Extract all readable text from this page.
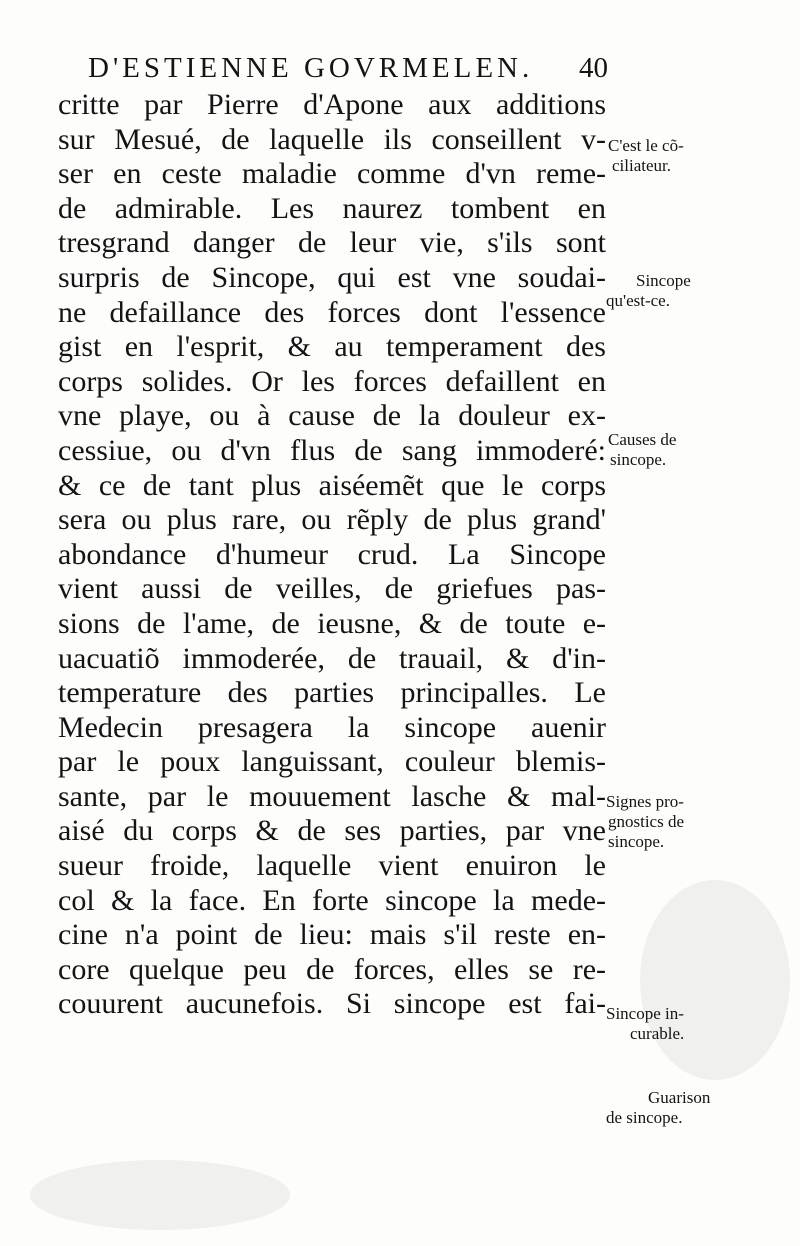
D'ESTIENNE GOVRMELEN. 40
critte par Pierre d'Apone aux additions
sur Mesué, de laquelle ils conseillent v-
ser en ceste maladie comme d'vn reme-
de admirable. Les naurez tombent en
tresgrand danger de leur vie, s'ils sont
surpris de Sincope, qui est vne soudai-
ne defaillance des forces dont l'essence
gist en l'esprit, & au temperament des
corps solides. Or les forces defaillent en
vne playe, ou à cause de la douleur ex-
cessiue, ou d'vn flus de sang immoderé:
& ce de tant plus aiséemẽt que le corps
sera ou plus rare, ou rẽply de plus grand'
abondance d'humeur crud. La Sincope
vient aussi de veilles, de griefues pas-
sions de l'ame, de ieusne, & de toute e-
uacuatiõ immoderée, de trauail, & d'in-
temperature des parties principalles. Le
Medecin presagera la sincope auenir
par le poux languissant, couleur blemis-
sante, par le mouuement lasche & mal-
aisé du corps & de ses parties, par vne
sueur froide, laquelle vient enuiron le
col & la face. En forte sincope la mede-
cine n'a point de lieu: mais s'il reste en-
core quelque peu de forces, elles se re-
couurent aucunefois. Si sincope est fai-
C'est le cõ-
ciliateur.
Sincope
qu'est-ce.
Causes de
sincope.
Signes pro-
gnostics de
sincope.
Sincope in-
curable.
Guarison
de sincope.
